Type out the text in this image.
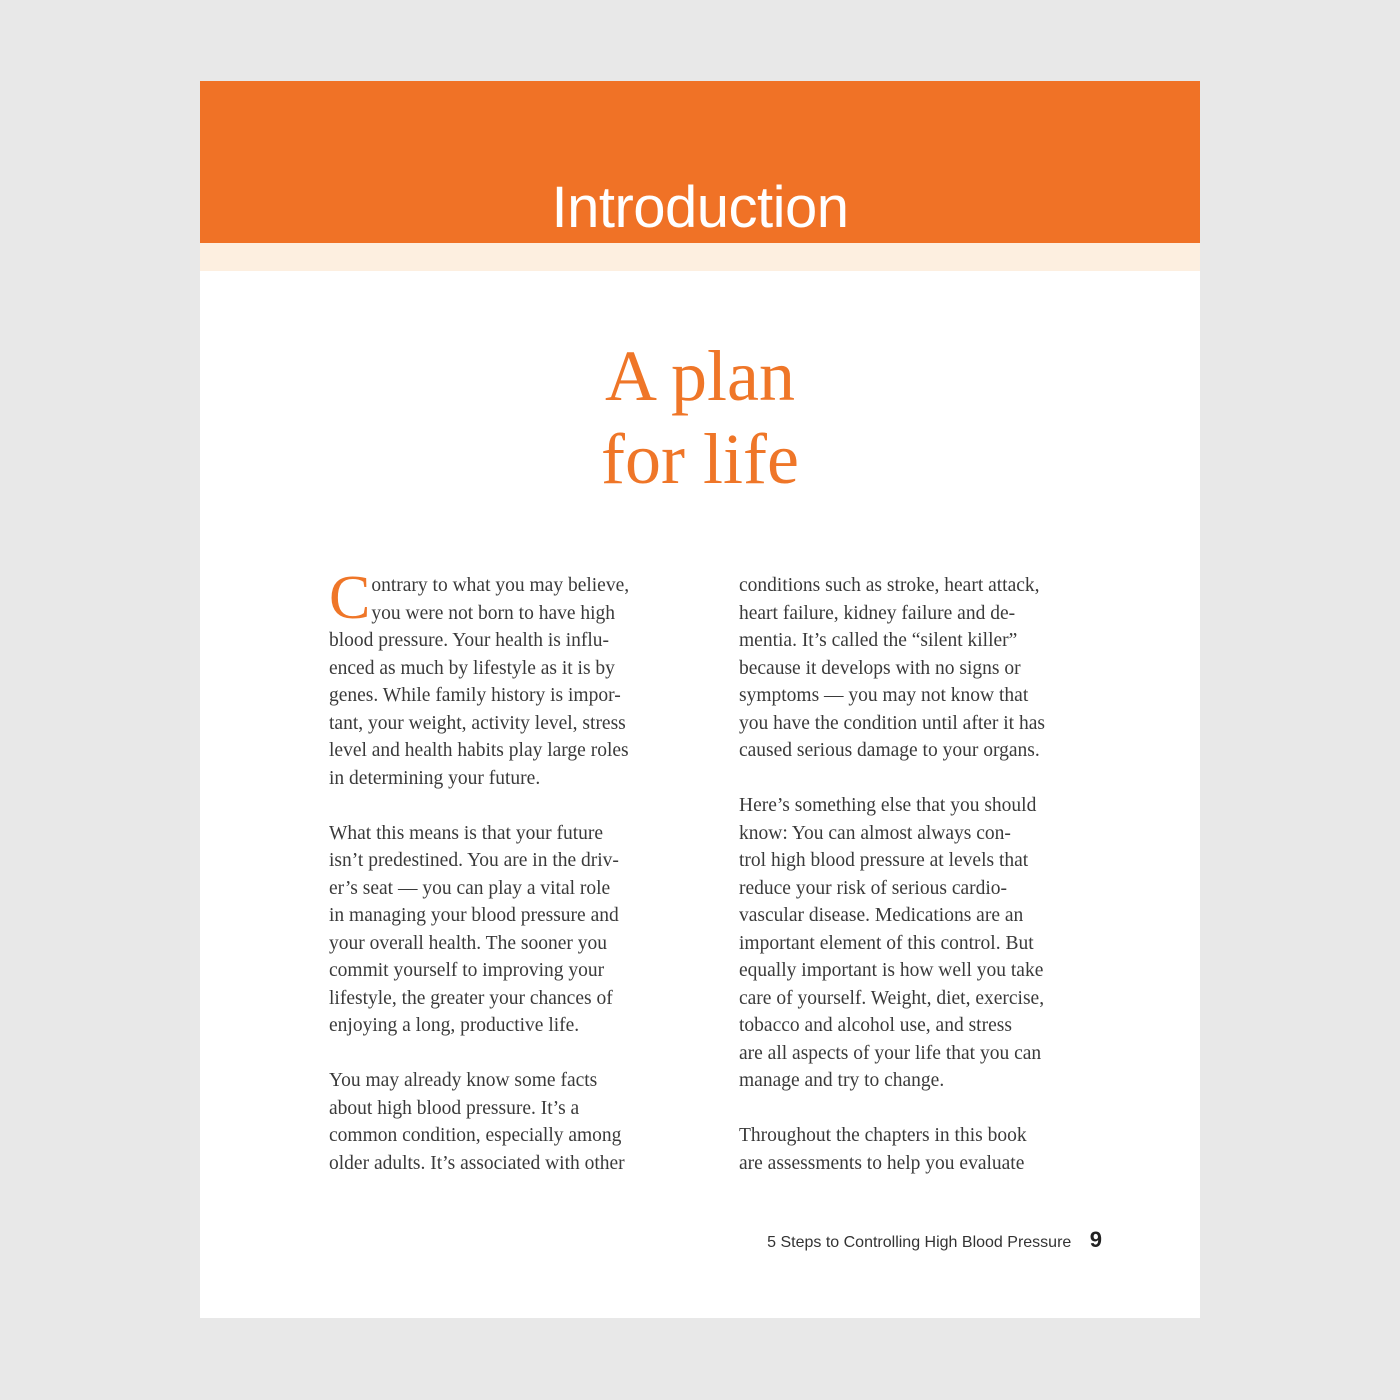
Introduction
A plan
for life
C ontrary to what you may believe,
you were not born to have high
blood pressure. Your health is influ-
enced as much by lifestyle as it is by
genes. While family history is impor-
tant, your weight, activity level, stress
level and health habits play large roles
in determining your future.
What this means is that your future
isn’t predestined. You are in the driv-
er’s seat — you can play a vital role
in managing your blood pressure and
your overall health. The sooner you
commit yourself to improving your
lifestyle, the greater your chances of
enjoying a long, productive life.
You may already know some facts
about high blood pressure. It’s a
common condition, especially among
older adults. It’s associated with other
conditions such as stroke, heart attack,
heart failure, kidney failure and de-
mentia. It’s called the “silent killer”
because it develops with no signs or
symptoms — you may not know that
you have the condition until after it has
caused serious damage to your organs.
Here’s something else that you should
know: You can almost always con-
trol high blood pressure at levels that
reduce your risk of serious cardio-
vascular disease. Medications are an
important element of this control. But
equally important is how well you take
care of yourself. Weight, diet, exercise,
tobacco and alcohol use, and stress
are all aspects of your life that you can
manage and try to change.
Throughout the chapters in this book
are assessments to help you evaluate
5 Steps to Controlling High Blood Pressure 9
